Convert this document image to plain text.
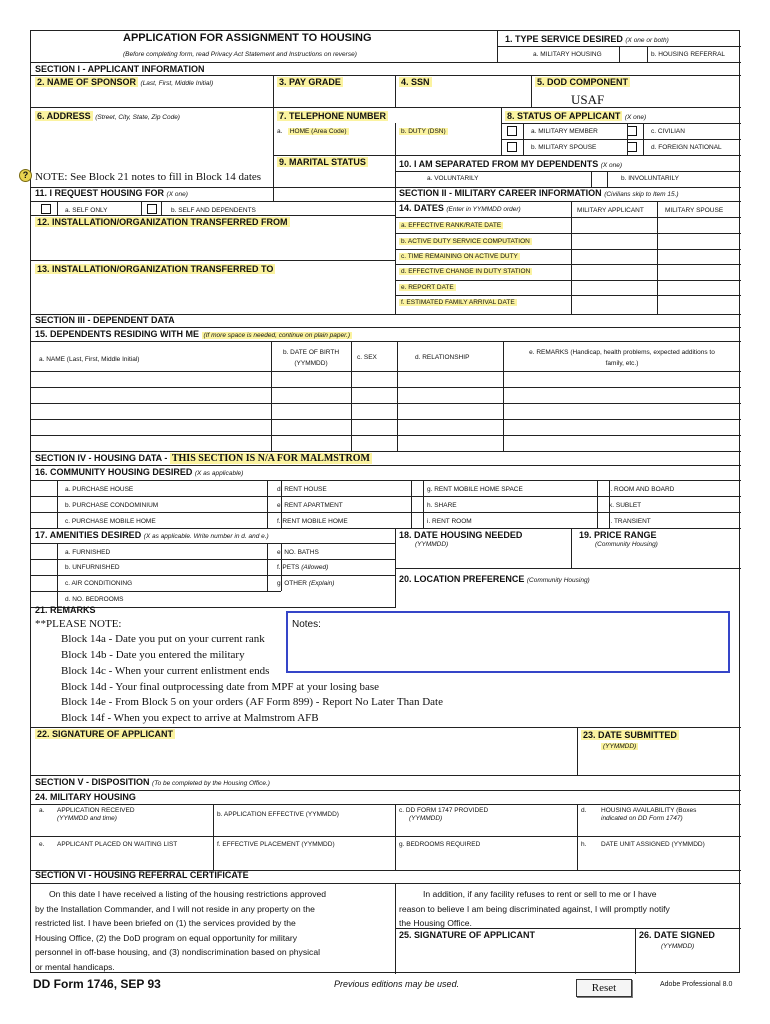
APPLICATION FOR ASSIGNMENT TO HOUSING
(Before completing form, read Privacy Act Statement and Instructions on reverse)
1. TYPE SERVICE DESIRED (X one or both)
a. MILITARY HOUSING	b. HOUSING REFERRAL
SECTION I - APPLICANT INFORMATION
2. NAME OF SPONSOR (Last, First, Middle Initial)	3. PAY GRADE	4. SSN	5. DOD COMPONENT
USAF
6. ADDRESS (Street, City, State, Zip Code)	7. TELEPHONE NUMBER
a. HOME (Area Code)	b. DUTY (DSN)
8. STATUS OF APPLICANT (X one)
a. MILITARY MEMBER	c. CIVILIAN
b. MILITARY SPOUSE	d. FOREIGN NATIONAL
9. MARITAL STATUS	10. I AM SEPARATED FROM MY DEPENDENTS (X one)
a. VOLUNTARILY	b. INVOLUNTARILY
? NOTE: See Block 21 notes to fill in Block 14 dates
11. I REQUEST HOUSING FOR (X one)	SECTION II - MILITARY CAREER INFORMATION (Civilians skip to Item 15.)
a. SELF ONLY	b. SELF AND DEPENDENTS	14. DATES (Enter in YYMMDD order)	MILITARY APPLICANT	MILITARY SPOUSE
12. INSTALLATION/ORGANIZATION TRANSFERRED FROM
13. INSTALLATION/ORGANIZATION TRANSFERRED TO
a. EFFECTIVE RANK/RATE DATE
b. ACTIVE DUTY SERVICE COMPUTATION
c. TIME REMAINING ON ACTIVE DUTY
d. EFFECTIVE CHANGE IN DUTY STATION
e. REPORT DATE
f. ESTIMATED FAMILY ARRIVAL DATE
SECTION III - DEPENDENT DATA
15. DEPENDENTS RESIDING WITH ME (If more space is needed, continue on plain paper.)
a. NAME (Last, First, Middle Initial)
b. DATE OF BIRTH
(YYMMDD)
c. SEX	d. RELATIONSHIP
e. REMARKS (Handicap, health problems, expected additions to
family, etc.)
SECTION IV - HOUSING DATA - THIS SECTION IS N/A FOR MALMSTROM
16. COMMUNITY HOUSING DESIRED (X as applicable)
a. PURCHASE HOUSE	d. RENT HOUSE	g. RENT MOBILE HOME SPACE	j. ROOM AND BOARD
b. PURCHASE CONDOMINIUM	e. RENT APARTMENT	h. SHARE	k. SUBLET
c. PURCHASE MOBILE HOME	f. RENT MOBILE HOME	i. RENT ROOM	l. TRANSIENT
17. AMENITIES DESIRED (X as applicable. Write number in d. and e.)
a. FURNISHED	e. NO. BATHS
b. UNFURNISHED	f. PETS (Allowed)
c. AIR CONDITIONING	g. OTHER (Explain)
d. NO. BEDROOMS
18. DATE HOUSING NEEDED
(YYMMDD)
19. PRICE RANGE
(Community Housing)
20. LOCATION PREFERENCE (Community Housing)
21. REMARKS
**PLEASE NOTE:
Block 14a - Date you put on your current rank
Block 14b - Date you entered the military
Block 14c - When your current enlistment ends
Block 14d - Your final outprocessing date from MPF at your losing base
Block 14e - From Block 5 on your orders (AF Form 899) - Report No Later Than Date
Block 14f - When you expect to arrive at Malmstrom AFB
22. SIGNATURE OF APPLICANT	23. DATE SUBMITTED
(YYMMDD)
SECTION V - DISPOSITION (To be completed by the Housing Office.)
24. MILITARY HOUSING
a. APPLICATION RECEIVED
(YYMMDD and time)
b. APPLICATION EFFECTIVE (YYMMDD)
c. DD FORM 1747 PROVIDED
(YYMMDD)
d. HOUSING AVAILABILITY (Boxes
indicated on DD Form 1747)
e. APPLICANT PLACED ON WAITING LIST	f. EFFECTIVE PLACEMENT (YYMMDD)	g. BEDROOMS REQUIRED	h. DATE UNIT ASSIGNED (YYMMDD)
SECTION VI - HOUSING REFERRAL CERTIFICATE
On this date I have received a listing of the housing restrictions approved
by the Installation Commander, and I will not reside in any property on the
restricted list. I have been briefed on (1) the services provided by the
Housing Office, (2) the DoD program on equal opportunity for military
personnel in off-base housing, and (3) nondiscrimination based on physical
or mental handicaps.
In addition, if any facility refuses to rent or sell to me or I have
reason to believe I am being discriminated against, I will promptly notify
the Housing Office.
25. SIGNATURE OF APPLICANT	26. DATE SIGNED
(YYMMDD)
Notes:
DD Form 1746, SEP 93	Previous editions may be used.	Reset	Adobe Professional 8.0
